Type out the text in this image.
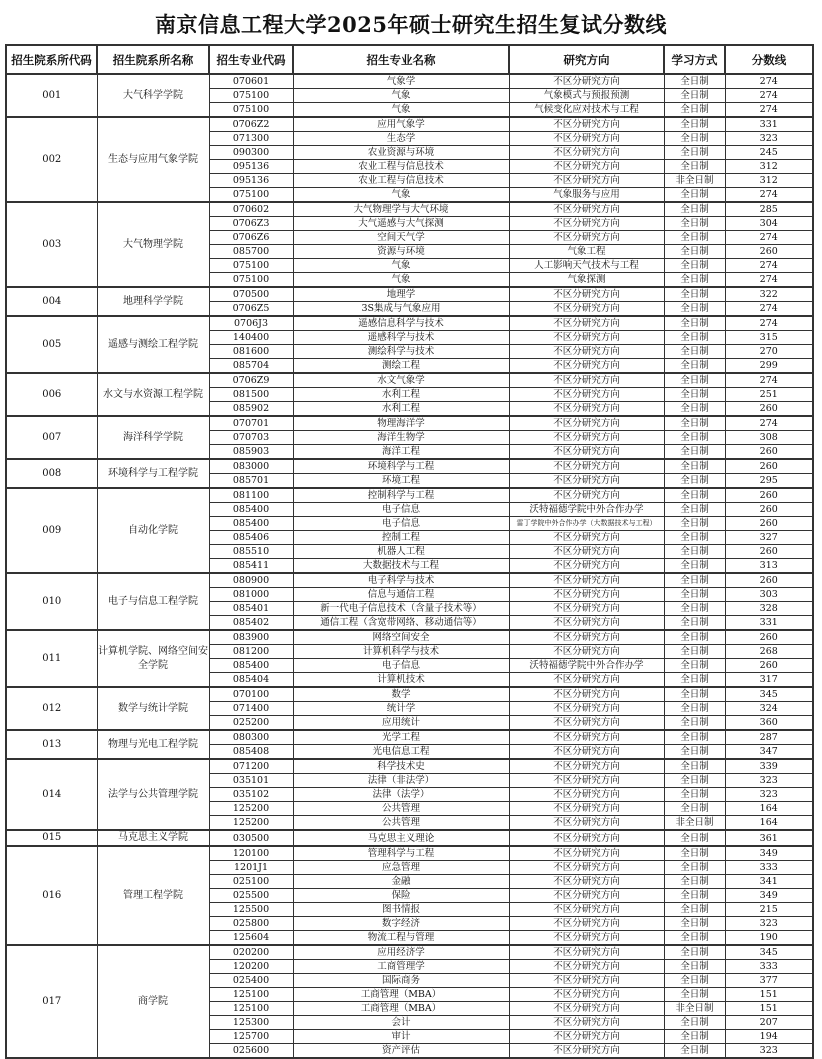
南京信息工程大学2025年硕士研究生招生复试分数线
招生院系所代码	招生院系所名称	招生专业代码	招生专业名称	研究方向	学习方式	分数线
001	大气科学学院	070601	气象学	不区分研究方向	全日制	274
		075100	气象	气象模式与预报预测	全日制	274
		075100	气象	气候变化应对技术与工程	全日制	274
002	生态与应用气象学院	0706Z2	应用气象学	不区分研究方向	全日制	331
		071300	生态学	不区分研究方向	全日制	323
		090300	农业资源与环境	不区分研究方向	全日制	245
		095136	农业工程与信息技术	不区分研究方向	全日制	312
		095136	农业工程与信息技术	不区分研究方向	非全日制	312
		075100	气象	气象服务与应用	全日制	274
003	大气物理学院	070602	大气物理学与大气环境	不区分研究方向	全日制	285
		0706Z3	大气遥感与大气探测	不区分研究方向	全日制	304
		0706Z6	空间天气学	不区分研究方向	全日制	274
		085700	资源与环境	气象工程	全日制	260
		075100	气象	人工影响天气技术与工程	全日制	274
		075100	气象	气象探测	全日制	274
004	地理科学学院	070500	地理学	不区分研究方向	全日制	322
		0706Z5	3S集成与气象应用	不区分研究方向	全日制	274
005	遥感与测绘工程学院	0706J3	遥感信息科学与技术	不区分研究方向	全日制	274
		140400	遥感科学与技术	不区分研究方向	全日制	315
		081600	测绘科学与技术	不区分研究方向	全日制	270
		085704	测绘工程	不区分研究方向	全日制	299
006	水文与水资源工程学院	0706Z9	水文气象学	不区分研究方向	全日制	274
		081500	水利工程	不区分研究方向	全日制	251
		085902	水利工程	不区分研究方向	全日制	260
007	海洋科学学院	070701	物理海洋学	不区分研究方向	全日制	274
		070703	海洋生物学	不区分研究方向	全日制	308
		085903	海洋工程	不区分研究方向	全日制	260
008	环境科学与工程学院	083000	环境科学与工程	不区分研究方向	全日制	260
		085701	环境工程	不区分研究方向	全日制	295
009	自动化学院	081100	控制科学与工程	不区分研究方向	全日制	260
		085400	电子信息	沃特福德学院中外合作办学	全日制	260
		085400	电子信息	雷丁学院中外合作办学（大数据技术与工程）	全日制	260
		085406	控制工程	不区分研究方向	全日制	327
		085510	机器人工程	不区分研究方向	全日制	260
		085411	大数据技术与工程	不区分研究方向	全日制	313
010	电子与信息工程学院	080900	电子科学与技术	不区分研究方向	全日制	260
		081000	信息与通信工程	不区分研究方向	全日制	303
		085401	新一代电子信息技术（含量子技术等）	不区分研究方向	全日制	328
		085402	通信工程（含宽带网络、移动通信等）	不区分研究方向	全日制	331
011	计算机学院、网络空间安全学院	083900	网络空间安全	不区分研究方向	全日制	260
		081200	计算机科学与技术	不区分研究方向	全日制	268
		085400	电子信息	沃特福德学院中外合作办学	全日制	260
		085404	计算机技术	不区分研究方向	全日制	317
012	数学与统计学院	070100	数学	不区分研究方向	全日制	345
		071400	统计学	不区分研究方向	全日制	324
		025200	应用统计	不区分研究方向	全日制	360
013	物理与光电工程学院	080300	光学工程	不区分研究方向	全日制	287
		085408	光电信息工程	不区分研究方向	全日制	347
014	法学与公共管理学院	071200	科学技术史	不区分研究方向	全日制	339
		035101	法律（非法学）	不区分研究方向	全日制	323
		035102	法律（法学）	不区分研究方向	全日制	323
		125200	公共管理	不区分研究方向	全日制	164
		125200	公共管理	不区分研究方向	非全日制	164
015	马克思主义学院	030500	马克思主义理论	不区分研究方向	全日制	361
016	管理工程学院	120100	管理科学与工程	不区分研究方向	全日制	349
		1201J1	应急管理	不区分研究方向	全日制	333
		025100	金融	不区分研究方向	全日制	341
		025500	保险	不区分研究方向	全日制	349
		125500	图书情报	不区分研究方向	全日制	215
		025800	数字经济	不区分研究方向	全日制	323
		125604	物流工程与管理	不区分研究方向	全日制	190
017	商学院	020200	应用经济学	不区分研究方向	全日制	345
		120200	工商管理学	不区分研究方向	全日制	333
		025400	国际商务	不区分研究方向	全日制	377
		125100	工商管理（MBA）	不区分研究方向	全日制	151
		125100	工商管理（MBA）	不区分研究方向	非全日制	151
		125300	会计	不区分研究方向	全日制	207
		125700	审计	不区分研究方向	全日制	194
		025600	资产评估	不区分研究方向	全日制	323
